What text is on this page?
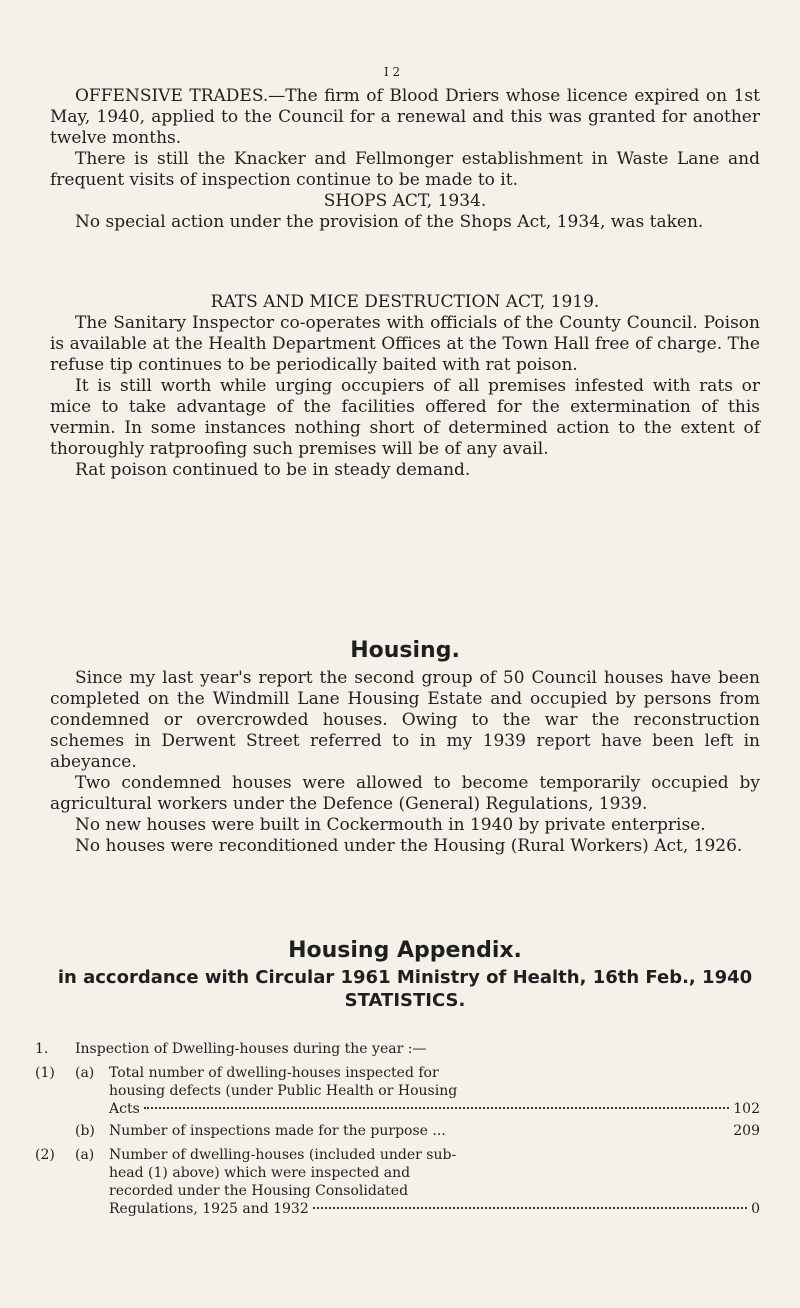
I 2

OFFENSIVE TRADES.—The firm of Blood Driers whose licence expired on 1st May, 1940, applied to the Council for a renewal and this was granted for another twelve months.

There is still the Knacker and Fellmonger establishment in Waste Lane and frequent visits of inspection continue to be made to it.

SHOPS ACT, 1934.

No special action under the provision of the Shops Act, 1934, was taken.

RATS AND MICE DESTRUCTION ACT, 1919.

The Sanitary Inspector co-operates with officials of the County Council. Poison is available at the Health Department Offices at the Town Hall free of charge. The refuse tip continues to be periodically baited with rat poison.

It is still worth while urging occupiers of all premises infested with rats or mice to take advantage of the facilities offered for the extermination of this vermin. In some instances nothing short of determined action to the extent of thoroughly ratproofing such premises will be of any avail.

Rat poison continued to be in steady demand.

Housing.

Since my last year's report the second group of 50 Council houses have been completed on the Windmill Lane Housing Estate and occupied by persons from condemned or overcrowded houses. Owing to the war the reconstruction schemes in Derwent Street referred to in my 1939 report have been left in abeyance.

Two condemned houses were allowed to become temporarily occupied by agricultural workers under the Defence (General) Regulations, 1939.

No new houses were built in Cockermouth in 1940 by private enterprise.

No houses were reconditioned under the Housing (Rural Workers) Act, 1926.

Housing Appendix.
in accordance with Circular 1961 Ministry of Health, 16th Feb., 1940
STATISTICS.
1.	Inspection of Dwelling-houses during the year :—
(1)	(a)	Total number of dwelling-houses inspected for
housing defects (under Public Health or Housing
Acts	102
(b)	Number of inspections made for the purpose ...	209
(2)	(a)	Number of dwelling-houses (included under sub-
head (1) above) which were inspected and
recorded under the Housing Consolidated
Regulations, 1925 and 1932	0
